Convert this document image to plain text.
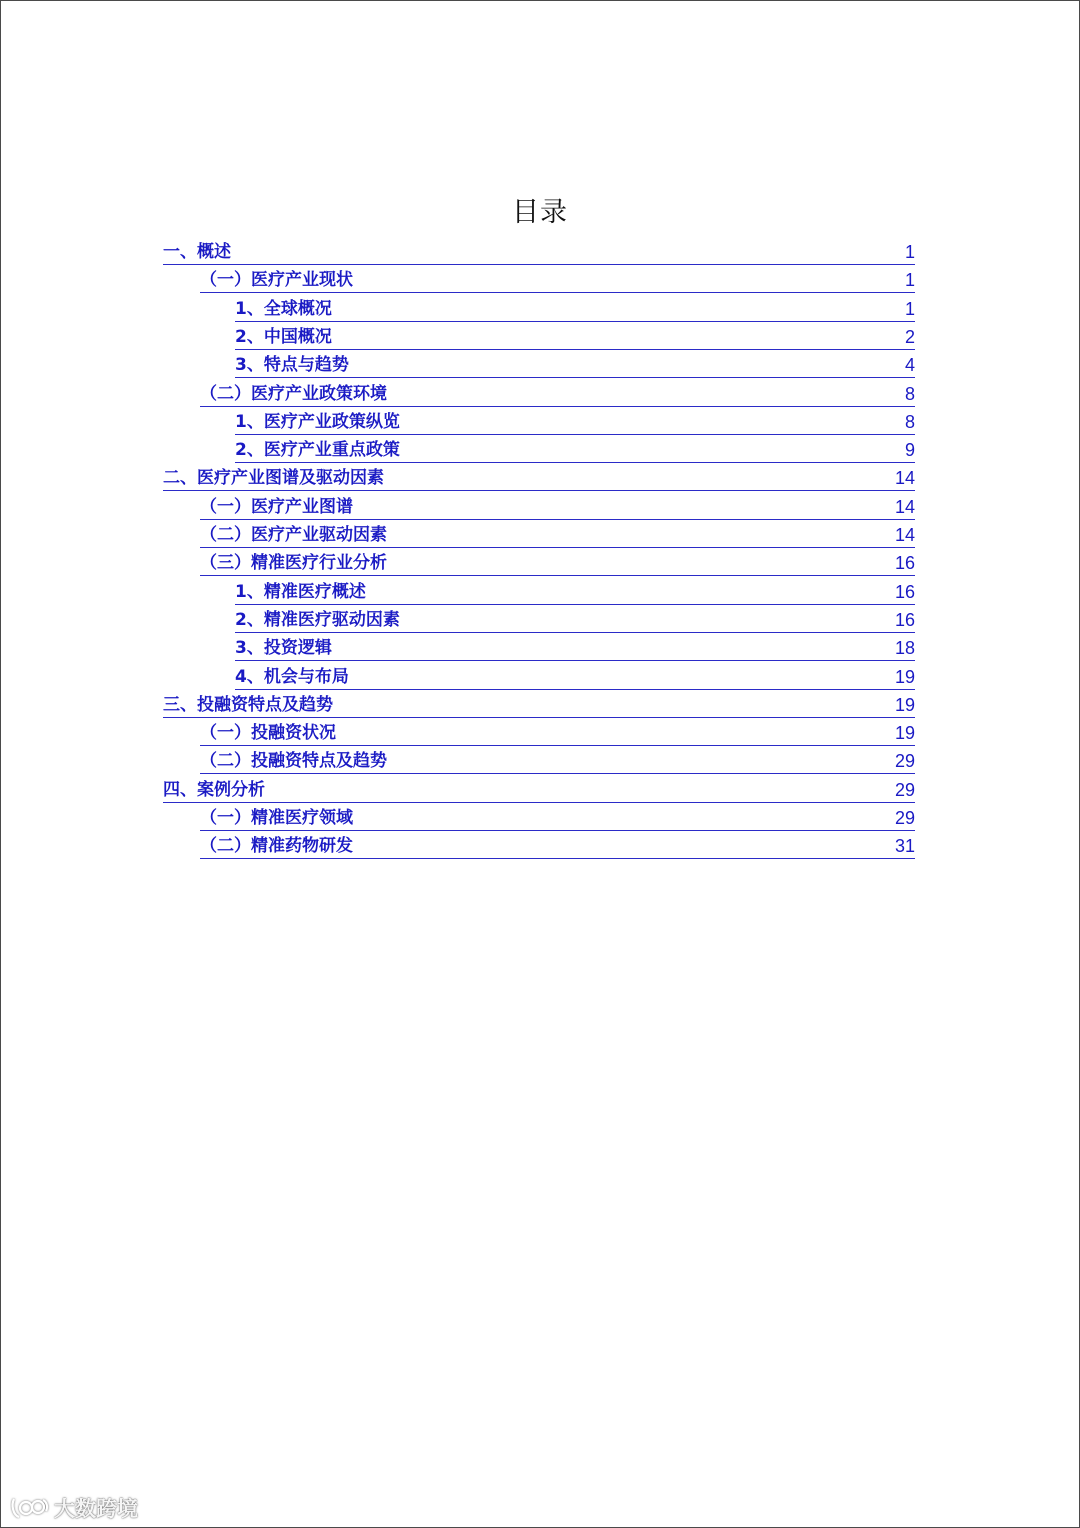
目录
一、概述	1
（一）医疗产业现状	1
1、全球概况	1
2、中国概况	2
3、特点与趋势	4
（二）医疗产业政策环境	8
1、医疗产业政策纵览	8
2、医疗产业重点政策	9
二、医疗产业图谱及驱动因素	14
（一）医疗产业图谱	14
（二）医疗产业驱动因素	14
（三）精准医疗行业分析	16
1、精准医疗概述	16
2、精准医疗驱动因素	16
3、投资逻辑	18
4、机会与布局	19
三、投融资特点及趋势	19
（一）投融资状况	19
（二）投融资特点及趋势	29
四、案例分析	29
（一）精准医疗领域	29
（二）精准药物研发	31
大数跨境
